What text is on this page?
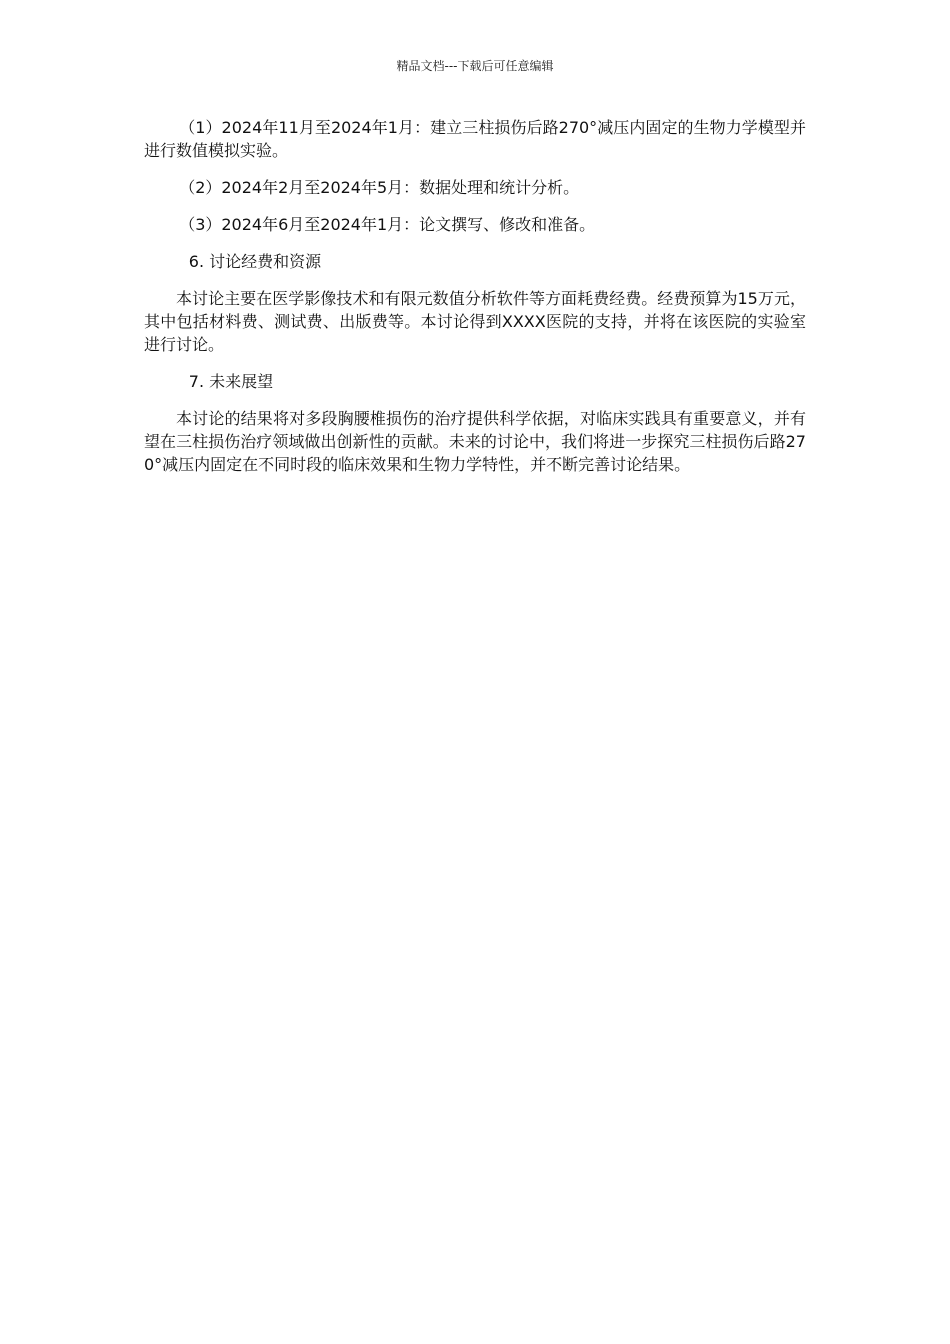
精品文档---下载后可任意编辑

（1）2024年11月至2024年1月：建立三柱损伤后路270°减压内固定的生物力学模型并进行数值模拟实验。

（2）2024年2月至2024年5月：数据处理和统计分析。

（3）2024年6月至2024年1月：论文撰写、修改和准备。

6. 讨论经费和资源

本讨论主要在医学影像技术和有限元数值分析软件等方面耗费经费。经费预算为15万元，其中包括材料费、测试费、出版费等。本讨论得到XXXX医院的支持，并将在该医院的实验室进行讨论。

7. 未来展望

本讨论的结果将对多段胸腰椎损伤的治疗提供科学依据，对临床实践具有重要意义，并有望在三柱损伤治疗领域做出创新性的贡献。未来的讨论中，我们将进一步探究三柱损伤后路270°减压内固定在不同时段的临床效果和生物力学特性，并不断完善讨论结果。
